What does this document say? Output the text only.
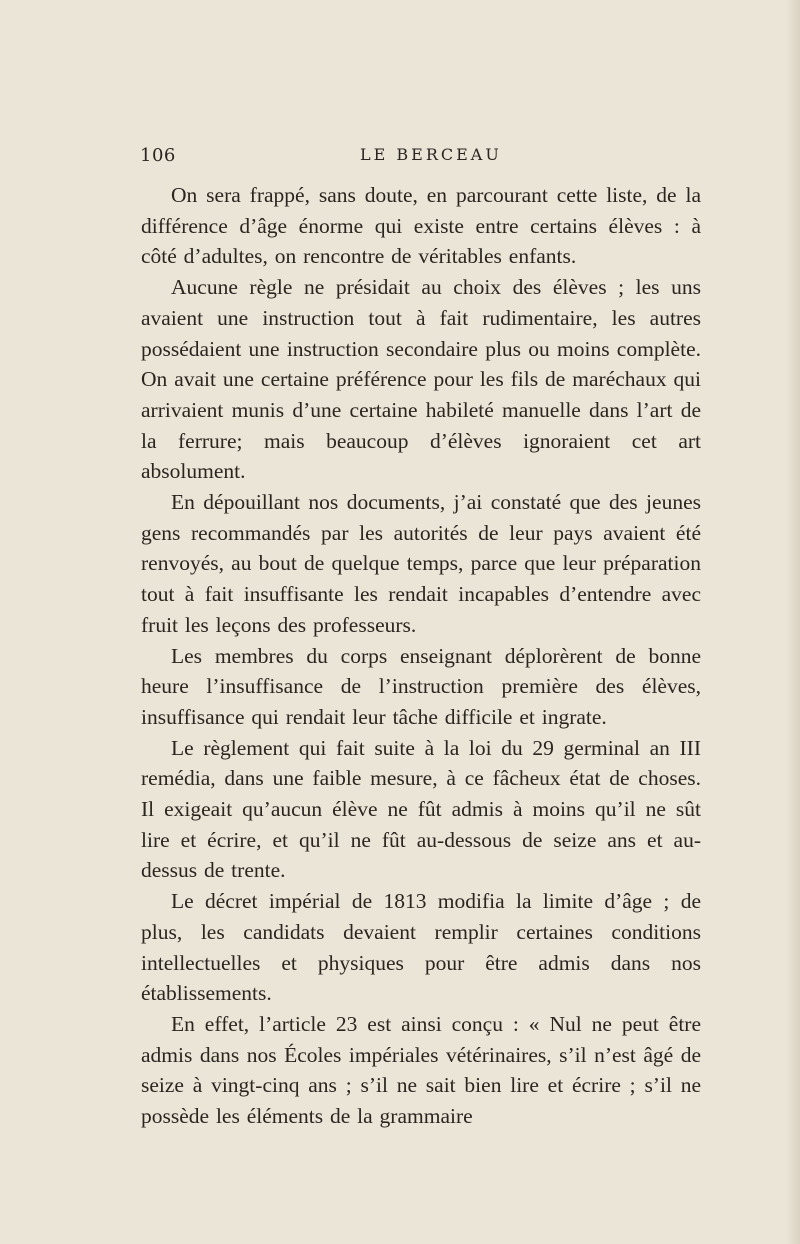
106	LE BERCEAU

On sera frappé, sans doute, en parcourant cette liste, de la différence d’âge énorme qui existe entre certains élèves : à côté d’adultes, on rencontre de véritables enfants.

Aucune règle ne présidait au choix des élèves ; les uns avaient une instruction tout à fait rudimentaire, les autres possédaient une instruction secondaire plus ou moins complète. On avait une certaine préférence pour les fils de maréchaux qui arrivaient munis d’une certaine habileté manuelle dans l’art de la ferrure; mais beaucoup d’élèves ignoraient cet art absolument.

En dépouillant nos documents, j’ai constaté que des jeunes gens recommandés par les autorités de leur pays avaient été renvoyés, au bout de quelque temps, parce que leur préparation tout à fait insuffisante les rendait incapables d’entendre avec fruit les leçons des professeurs.

Les membres du corps enseignant déplorèrent de bonne heure l’insuffisance de l’instruction première des élèves, insuffisance qui rendait leur tâche difficile et ingrate.

Le règlement qui fait suite à la loi du 29 germinal an III remédia, dans une faible mesure, à ce fâcheux état de choses. Il exigeait qu’aucun élève ne fût admis à moins qu’il ne sût lire et écrire, et qu’il ne fût au-dessous de seize ans et au-dessus de trente.

Le décret impérial de 1813 modifia la limite d’âge ; de plus, les candidats devaient remplir certaines conditions intellectuelles et physiques pour être admis dans nos établissements.

En effet, l’article 23 est ainsi conçu : « Nul ne peut être admis dans nos Écoles impériales vétérinaires, s’il n’est âgé de seize à vingt-cinq ans ; s’il ne sait bien lire et écrire ; s’il ne possède les éléments de la grammaire
